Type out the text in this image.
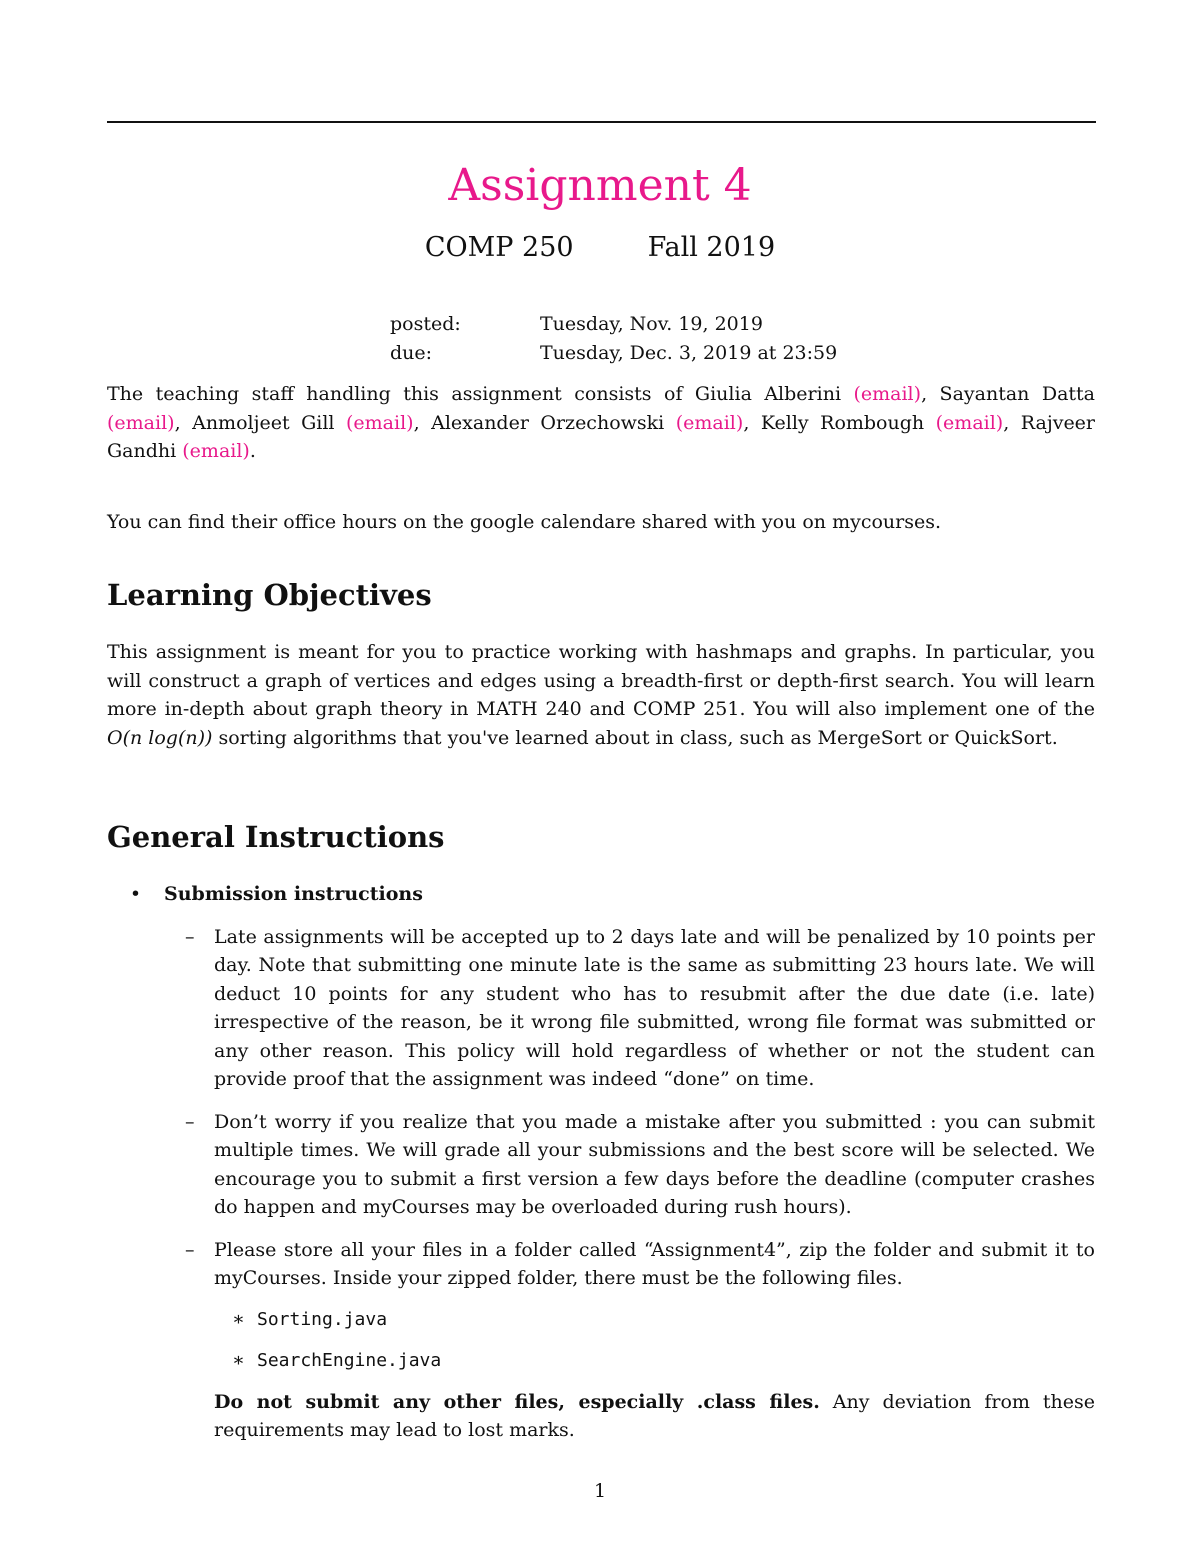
Assignment 4
COMP 250	Fall 2019
posted:	Tuesday, Nov. 19, 2019
due:	Tuesday, Dec. 3, 2019 at 23:59
The teaching staff handling this assignment consists of Giulia Alberini (email), Sayantan Datta (email), Anmoljeet Gill (email), Alexander Orzechowski (email), Kelly Rombough (email), Rajveer Gandhi (email).
You can find their office hours on the google calendare shared with you on mycourses.
Learning Objectives
This assignment is meant for you to practice working with hashmaps and graphs. In particular, you will construct a graph of vertices and edges using a breadth-first or depth-first search. You will learn more in-depth about graph theory in MATH 240 and COMP 251. You will also implement one of the O(n log(n)) sorting algorithms that you've learned about in class, such as MergeSort or QuickSort.
General Instructions
•	Submission instructions
– Late assignments will be accepted up to 2 days late and will be penalized by 10 points per day. Note that submitting one minute late is the same as submitting 23 hours late. We will deduct 10 points for any student who has to resubmit after the due date (i.e. late) irrespective of the reason, be it wrong file submitted, wrong file format was submitted or any other reason. This policy will hold regardless of whether or not the student can provide proof that the assignment was indeed “done” on time.
– Don’t worry if you realize that you made a mistake after you submitted : you can submit multiple times. We will grade all your submissions and the best score will be selected. We encourage you to submit a first version a few days before the deadline (computer crashes do happen and myCourses may be overloaded during rush hours).
– Please store all your files in a folder called “Assignment4”, zip the folder and submit it to myCourses. Inside your zipped folder, there must be the following files.
∗ Sorting.java
∗ SearchEngine.java
Do not submit any other files, especially .class files. Any deviation from these requirements may lead to lost marks.
1
